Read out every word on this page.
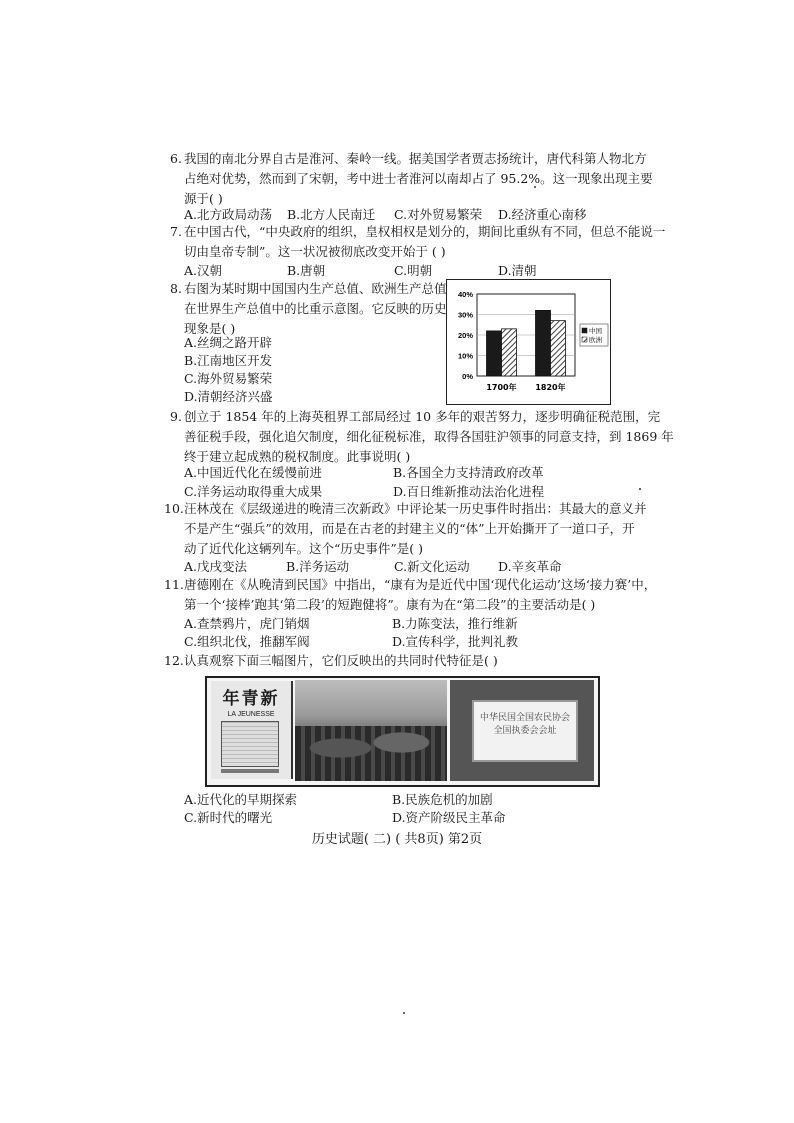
6. 我国的南北分界自古是淮河、秦岭一线。据美国学者贾志扬统计，唐代科第人物北方
占绝对优势，然而到了宋朝，考中进士者淮河以南却占了 95.2%。这一现象出现主要
源于( )
A.北方政局动荡 B.北方人民南迁 C.对外贸易繁荣 D.经济重心南移
7. 在中国古代，“中央政府的组织，皇权相权是划分的，期间比重纵有不同，但总不能说一
切由皇帝专制”。这一状况被彻底改变开始于 ( )
A.汉朝	B.唐朝	C.明朝	D.清朝
8. 右图为某时期中国国内生产总值、欧洲生产总值
在世界生产总值中的比重示意图。它反映的历史
现象是( )
A.丝绸之路开辟
B.江南地区开发
C.海外贸易繁荣
D.清朝经济兴盛
40%
30%
20%
10%
0%
1700年 1820年
中国
欧洲
9. 创立于 1854 年的上海英租界工部局经过 10 多年的艰苦努力，逐步明确征税范围，完
善征税手段，强化追欠制度，细化征税标准，取得各国驻沪领事的同意支持，到 1869 年
终于建立起成熟的税权制度。此事说明( )
A.中国近代化在缓慢前进	B.各国全力支持清政府改革
C.洋务运动取得重大成果	D.百日维新推动法治化进程
10. 汪林茂在《层级递进的晚清三次新政》中评论某一历史事件时指出：其最大的意义并
不是产生“强兵”的效用，而是在古老的封建主义的“体”上开始撕开了一道口子，开
动了近代化这辆列车。这个“历史事件”是( )
A.戊戌变法	B.洋务运动	C.新文化运动 D.辛亥革命
11. 唐德刚在《从晚清到民国》中指出，“康有为是近代中国‘现代化运动’这场‘接力赛’中，
第一个‘接棒’跑其‘第二段’的短跑健将”。康有为在“第二段”的主要活动是( )
A.查禁鸦片，虎门销烟	B.力陈变法，推行维新
C.组织北伐，推翻军阀	D.宣传科学，批判礼教
12. 认真观察下面三幅图片，它们反映出的共同时代特征是( )
新青年
LA JEUNESSE	中华民国全国农民协会全国执委会会址
A.近代化的早期探索	B.民族危机的加剧
C.新时代的曙光	D.资产阶级民主革命
历史试题( 二) ( 共8页) 第2页
